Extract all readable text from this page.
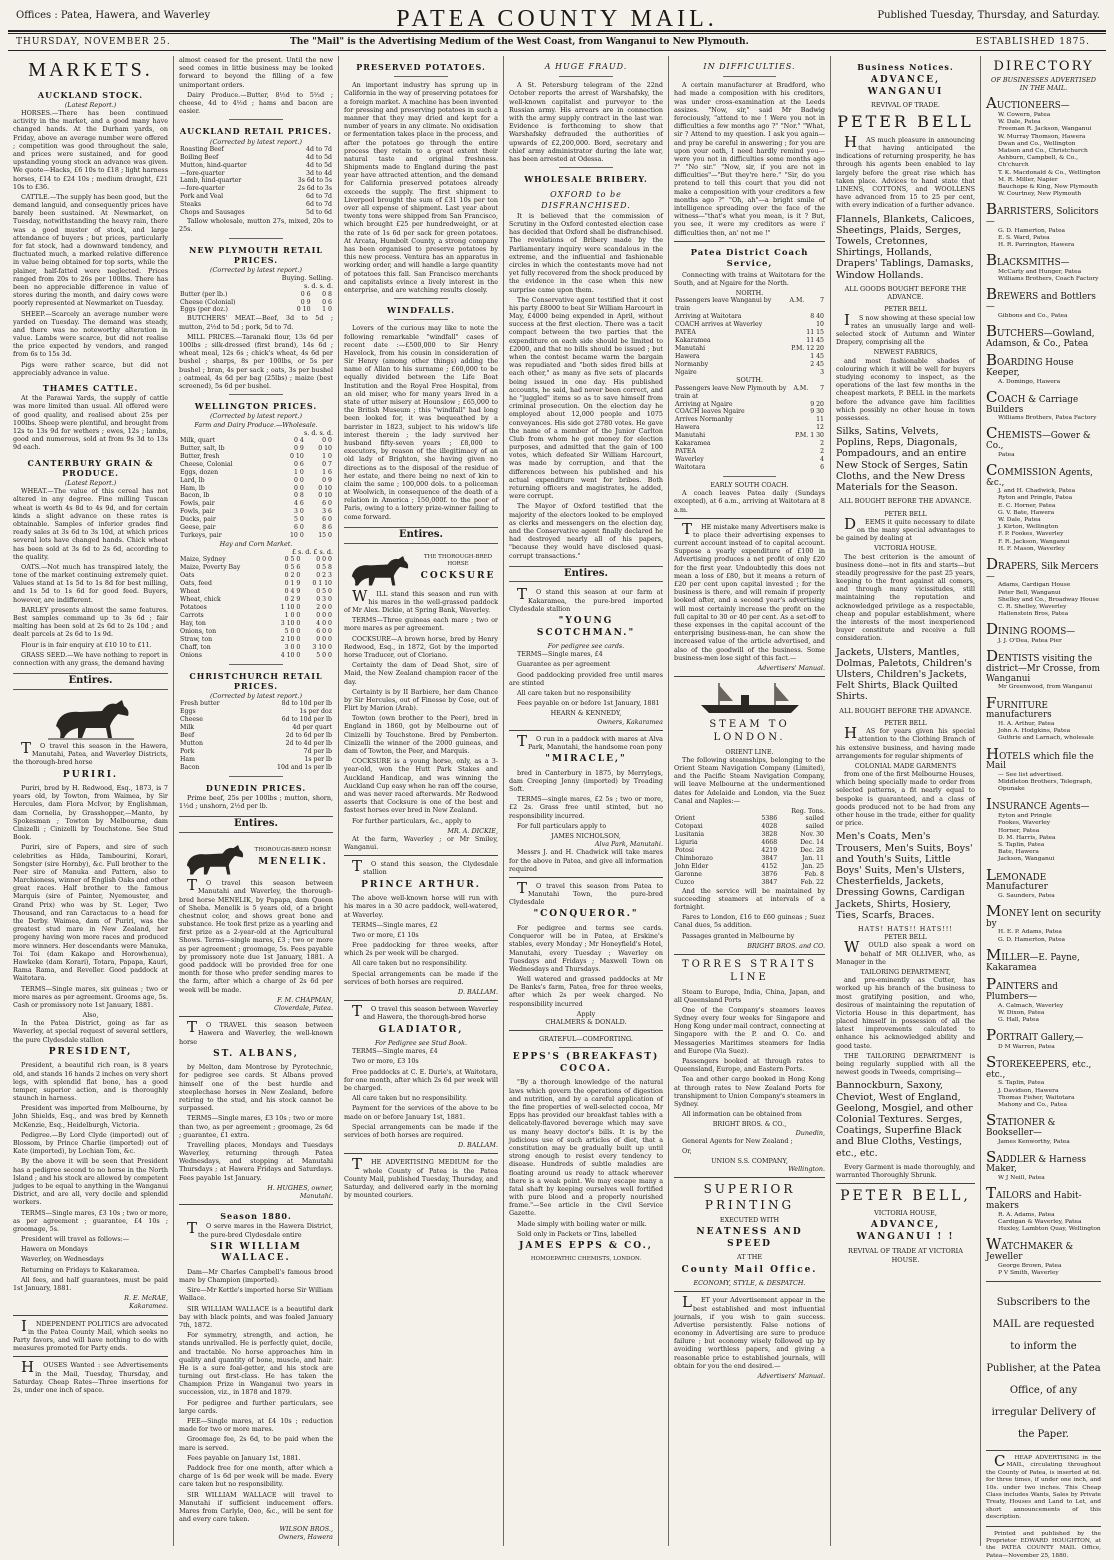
Offices : Patea, Hawera, and Waverley	PATEA COUNTY MAIL.	Published Tuesday, Thursday, and Saturday.
THURSDAY, NOVEMBER 25.	The "Mail" is the Advertising Medium of the West Coast, from Wanganui to New Plymouth.	ESTABLISHED 1875.
MARKETS.
AUCKLAND STOCK.
(Latest Report.)

HORSES.—There has been continued activity in the market, and a good many have changed hands. At the Durham yards, on Friday, above an average number were offered ; competition was good throughout the sale, and prices were sustained, and for good upstanding young stock an advance was given. We quote—Hacks, £6 10s to £18 ; light harness horses, £14 to £24 10s ; medium draught, £21 10s to £36.

CATTLE.—The supply has been good, but the demand languid, and consequently prices have barely been sustained. At Newmarket, on Tuesday, notwithstanding the heavy rain, there was a good muster of stock, and large attendance of buyers ; but prices, particularly for fat stock, had a downward tendency, and fluctuated much, a marked relative difference in value being obtained for top sorts, while the plainer, half-fatted were neglected. Prices ranged from 20s to 26s per 100lbs. There has been no appreciable difference in value of stores during the month, and dairy cows were poorly represented at Newmarket on Tuesday.

SHEEP.—Scarcely an average number were yarded on Tuesday. The demand was steady, and there was no noteworthy alteration in value. Lambs were scarce, but did not realise the price expected by vendors, and ranged from 6s to 15s 3d.

Pigs were rather scarce, but did not appreciably advance in value.

THAMES CATTLE.

At the Parawai Yards, the supply of cattle was more limited than usual. All offered were of good quality, and realised about 25s per 100lbs. Sheep were plentiful, and brought from 12s to 13s 9d for wethers ; ewes, 12s ; lambs, good and numerous, sold at from 9s 3d to 13s 9d each.

CANTERBURY GRAIN & PRODUCE.
(Latest Report.)

WHEAT.—The value of this cereal has not altered in any degree. Fine milling Tuscan wheat is worth 4s 8d to 4s 9d, and for certain kinds a slight advance on these rates is obtainable. Samples of inferior grades find ready sales at 3s 6d to 3s 10d, at which prices several lots have changed hands. Chick wheat has been sold at 3s 6d to 2s 6d, according to the quality.

OATS.—Not much has transpired lately, the tone of the market continuing extremely quiet. Values stand at 1s 5d to 1s 8d for best milling, and 1s 5d to 1s 6d for good feed. Buyers, however, are indifferent.

BARLEY presents almost the same features. Best samples command up to 3s 6d ; fair malting has been sold at 2s 6d to 2s 10d ; and dealt parcels at 2s 6d to 1s 9d.

Flour is in fair enquiry at £10 10 to £11.

GRASS SEED.—We have nothing to report in connection with any grass, the demand having

Entires.

TO travel this season in the Hawera, Manutahi, Patea, and Waverley Districts, the thorough-bred horse

PURIRI.

Puriri, bred by H. Redwood, Esq., 1873, is 7 years old, by Towton, from Waimea, by Sir Hercules, dam Flora McIvor, by Englishman, dam Cornelia, by Grasshopper,—Manto, by Spokesman ; Towton by Melbourne, dam Cinizelli ; Cinizelli by Touchstone. See Stud Book.

Puriri, sire of Papers, and sire of such celebrities as Hilda, Tambourini, Korari, Songster (sire Hornby), &c. Full brother to the Peer sire of Manuka and Pattern, also to Marchioness, winner of English Oaks and other great races. Half brother to the famous Marquis (sire of Painter, Nyemouster, and Grand Prix) who was by St. Leger, Two Thousand, and ran Caractacus to a head for the Derby. Waimea, dam of Puriri, was the greatest stud mare in New Zealand, her progeny having won more races and produced more winners. Her descendants were Manuka, Toi Toi (dam Kakapo and Horowhenua), Hawkeke (dam Korari), Totara, Papapa, Kauri, Rama Rama, and Reveller. Good paddock at Waitotara.

TERMS—Single mares, six guineas ; two or more mares as per agreement. Grooms age, 5s. Cash or promissory note 1st January, 1881.

Also,

In the Patea District, going as far as Waverley, at special request of several settlers, the pure Clydesdale stallion

PRESIDENT,

President, a beautiful rich roan, is 8 years old, and stands 16 hands 2 inches on very short legs, with splendid flat bone, has a good temper, superior action, and is thoroughly staunch in harness.

President was imported from Melbourne, by John Shields, Esq., and was bred by Kenneth McKenzie, Esq., Heidelburgh, Victoria.

Pedigree.—By Lord Clyde (imported) out of Blossom, by Prince Charlie (imported) out of Kate (imported), by Lochian Tom, &c.

By the above it will be seen that President has a pedigree second to no horse in the North Island ; and his stock are allowed by competent judges to be equal to anything in the Wanganui District, and are all, very docile and splendid workers.

TERMS—Single mares, £3 10s ; two or more, as per agreement ; guarantee, £4 10s ; groomage, 5s.

President will travel as follows:—

Hawera on Mondays

Waverley, on Wednesdays

Returning on Fridays to Kakaramea.

All fees, and half guarantees, must be paid 1st January, 1881.

R. E. McRAE,
Kakaramea.

INDEPENDENT POLITICS are advocated in the Patea County Mail, which seeks no Party favors, and will have nothing to do with measures promoted for Party ends.

HOUSES Wanted : see Advertisements in the Mail, Tuesday, Thursday, and Saturday. Cheap Rates—Three insertions for 2s, under one inch of space.

almost ceased for the present. Until the new seed comes in little business may be looked forward to beyond the filling of a few unimportant orders.

Dairy Produce.—Butter, 8½d to 5½d ; cheese, 4d to 4½d ; hams and bacon are easier.

AUCKLAND RETAIL PRICES.
(Corrected by latest report.)
Roasting Beef	4d to 7d
Boiling Beef	4d to 5d
Mutton, hind-quarter	4d to 5d
—fore-quarter	3d to 4d
Lamb, hind-quarter	3s 6d to 5s
—fore-quarter	2s 6d to 3s
Pork and Veal	6d to 7d
Steaks	6d to 7d
Chops and Sausages	5d to 6d

Tallow wholesale, mutton 27s, mixed, 20s to 25s.

NEW PLYMOUTH RETAIL PRICES.
(Corrected by latest report.)
Buying. Selling.
s. d. s. d.
Butter (per lb.)	0 6	0 8
Cheese (Colonial)	0 9	0 6
Eggs (per doz.)	0 10	1 0

BUTCHERS' MEAT.—Beef, 3d to 5d ; mutton, 2½d to 5d ; pork, 5d to 7d.

MILL PRICES.—Taranaki flour, 13s 6d per 100lbs ; silk-dressed (first brand), 14s 6d ; wheat meal, 12s 6s ; chick's wheat, 4s 6d per bushel ; sharps, 8s per 100lbs, or 5s per bushel ; bran, 4s per sack ; oats, 3s per bushel ; oatmeal, 4s 6d per bag (25lbs) ; maize (best screened), 5s 6d per bushel.

WELLINGTON PRICES.
(Corrected by latest report.)
Farm and Dairy Produce.—Wholesale.
s. d. s. d.
Milk, quart	0 4	0 0
Butter, salt, lb	0 9	0 10
Butter, fresh	0 10	1 0
Cheese, Colonial	0 6	0 7
Eggs, dozen	1 0	1 6
Lard, lb	0 0	0 9
Ham, lb	0 0	0 10
Bacon, lb	0 8	0 10
Fowls, pair	4 6	6 0
Fowls, pair	3 0	3 6
Ducks, pair	5 0	6 0
Geese, pair	6 0	8 6
Turkeys, pair	10 0	15 0
Hay and Corn Market.
£ s. d. £ s. d.
Maize, Sydney	0 5 0	0 0 0
Maize, Poverty Bay	0 5 6	0 5 8
Oats	0 2 0	0 2 3
Oats, feed	0 1 9	0 1 10
Wheat	0 4 9	0 5 0
Wheat, chick	0 2 9	0 3 0
Potatoes	1 10 0	2 0 0
Carrots	1 0 0	0 0 0
Hay, ton	3 10 0	4 0 0
Onions, ton	5 0 0	6 0 0
Straw, ton	2 10 0	0 0 0
Chaff, ton	3 0 0	3 10 0
Onions	4 10 0	5 0 0
CHRISTCHURCH RETAIL PRICES.
(Corrected by latest report.)
Fresh butter	8d to 10d per lb
Eggs	1s per doz
Cheese	6d to 10d per lb
Milk	4d per quart
Beef	2d to 6d per lb
Mutton	2d to 4d per lb
Pork	7d per lb
Ham	1s per lb
Bacon	10d and 1s per lb
DUNEDIN PRICES.

Prime beef, 25s per 100lbs ; mutton, shorn, 1½d ; unshorn, 2½d per lb.

Entires.
THOROUGH-BRED HORSE
MENELIK.

TO travel this season between Manutahi and Waverley, the thorough-bred horse MENELIK, by Papapa, dam Queen of Sheba. Menelik is 5 years old, of a bright chestnut color, and shows great bone and substance. He took first prize as a yearling and first prize as a 2-year-old at the Agricultural Shows. Terms—single mares, £3 ; two or more as per agreement ; groomage, 5s. Fees payable by promissory note due 1st January, 1881. A good paddock will be provided free for one month for those who prefer sending mares to the farm, after which a charge of 2s 6d per week will be made.

F. M. CHAPMAN,
Cloverdale, Patea.

TO TRAVEL this season between Hawera and Waverley, the well-known horse

ST. ALBANS,

by Melton, dam Montrose by Pyrotechnic, for pedigree see cards. St Albans proved himself one of the best hurdle and steeplechase horses in New Zealand, before retiring to the stud, and his stock cannot be surpassed.

TERMS—Single mares, £3 10s ; two or more than two, as per agreement ; groomage, 2s 6d ; guarantee, £1 extra.

Travelling places, Mondays and Tuesdays Waverley, returning through Patea Wednesdays, and stopping at Manutahi Thursdays ; at Hawera Fridays and Saturdays. Fees payable 1st January.

H. HUGHES, owner,
Manutahi.
Season 1880.

TO serve mares in the Hawera District, the pure-bred Clydesdale entire

SIR WILLIAM WALLACE.

Dam—Mr Charles Campbell's famous brood mare by Champion (imported).

Sire—Mr Kettle's imported horse Sir William Wallace.

SIR WILLIAM WALLACE is a beautiful dark bay with black points, and was foaled January 7th, 1872.

For symmetry, strength, and action, he stands unrivalled. He is perfectly quiet, docile, and tractable. No horse approaches him in quality and quantity of bone, muscle, and hair. He is a sure foal-getter, and his stock are turning out first-class. He has taken the Champion Prize in Wanganui two years in succession, viz., in 1878 and 1879.

For pedigree and further particulars, see large cards.

FEE—Single mares, at £4 10s ; reduction made for two or more mares.

Groomage fee, 2s 6d, to be paid when the mare is served.

Fees payable on January 1st, 1881.

Paddock free for one month, after which a charge of 1s 6d per week will be made. Every care taken but no responsibility.

SIR WILLIAM WALLACE will travel to Manutahi if sufficient inducement offers. Mares from Carlyle, Oeo, &c., will be sent for and every care taken.

WILSON BROS.,
Owners, Hawera
PRESERVED POTATOES.

An important industry has sprung up in California in the way of preserving potatoes for a foreign market. A machine has been invented for pressing and preserving potatoes in such a manner that they may dried and kept for a number of years in any climate. No oxidisation or fermentation takes place in the process, and after the potatoes go through the entire process they retain to a great extent their natural taste and original freshness. Shipments made to England during the past year have attracted attention, and the demand for California preserved potatoes already exceeds the supply. The first shipment to Liverpool brought the sum of £31 10s per ton over all expense of shipment. Last year about twenty tons were shipped from San Francisco, which brought £25 per hundredweight, or at the rate of 1s 6d per sack for green potatoes. At Arcata, Humbolt County, a strong company has been organised to preserve potatoes by this new process. Ventura has an apparatus in working order, and will handle a large quantity of potatoes this fall. San Francisco merchants and capitalists evince a lively interest in the enterprise, and are watching results closely.

WINDFALLS.

Lovers of the curious may like to note the following remarkable "windfall" cases of recent date :—£500,000 to Sir Henry Havelock, from his cousin in consideration of Sir Henry (among other things) adding the name of Allan to his surname ; £60,000 to be equally divided between the Life Boat Institution and the Royal Free Hospital, from an old miser, who for many years lived in a state of utter misery at Hounslow ; £65,000 to the British Museum ; this "windfall" had long been looked for, it was bequeathed by a barrister in 1823, subject to his widow's life interest therein ; the lady survived her husband fifty-seven years ; £8,000 to executors, by reason of the illegitimacy of an old lady of Brighton, she having given no directions as to the disposal of the residue of her estate, and there being no next of kin to claim the same ; 100,000 dols. to a policeman at Woolwich, in consequence of the death of a relation in America ; 150,000f. to the poor of Paris, owing to a lottery prize-winner failing to come forward.

Entires.
THE THOROUGH-BRED HORSE
COCKSURE

WILL stand this season and run with his mares in the well-grassed paddock of Mr Alex. Dickie, at Spring Bank, Waverley.

TERMS—Three guineas each mare ; two or more mares as per agreement.

COCKSURE—A brown horse, bred by Henry Redwood, Esq., in 1872, Got by the imported horse Traducer, out of Cloriano.

Certainty the dam of Dead Shot, sire of Maid, the New Zealand champion racer of the day.

Certainty is by II Barbiere, her dam Chance by Sir Hercules, out of Finesse by Cose, out of Flirt by Marion (Arab).

Towton (own brother to the Peer), bred in England in 1860, got by Melbourne out of Cinizelli by Touchstone. Bred by Pemberton. Cinizelli the winner of the 2000 guineas, and dam of Towton, the Peer, and Marquis.

COCKSURE is a young horse, only, as a 3-year-old, won the Hutt Park Stakes and Auckland Handicap, and was winning the Auckland Cup easy when he ran off the course, and was never raced afterwards. Mr Redwood asserts that Cocksure is one of the best and fastest horses ever bred in New Zealand.

For further particulars, &c., apply to

MR. A. DICKIE,

At the farm, Waverley ; or Mr Smiley, Wanganui.

TO stand this season, the Clydesdale stallion

PRINCE ARTHUR.

The above well-known horse will run with his mares in a 30 acre paddock, well-watered, at Waverley.

TERMS—Single mares, £2

Two or more, £1 10s

Free paddocking for three weeks, after which 2s per week will be charged.

All care taken but no responsibility.

Special arrangements can be made if the services of both horses are required.

D. BALLAM.

TO travel this season between Waverley and Hawera, the thorough-bred horse

GLADIATOR,
For Pedigree see Stud Book.

TERMS—Single mares, £4

Two or more, £3 10s

Free paddocks at C. E. Durie's, at Waitotara, for one month, after which 2s 6d per week will be charged.

All care taken but no responsibility.

Payment for the services of the above to be made on or before January 1st, 1881.

Special arrangements can be made if the services of both horses are required.

D. BALLAM.

THE ADVERTISING MEDIUM for the whole County of Patea is the Patea County Mail, published Tuesday, Thursday, and Saturday, and delivered early in the morning by mounted couriers.

A HUGE FRAUD.

A St. Petersburg telegram of the 22nd October reports the arrest of Warshafsky, the well-known capitalist and purveyor to the Russian army. His arrears are in connection with the army supply contract in the last war. Evidence is forthcoming to show that Warshafsky defrauded the authorities of upwards of £2,200,000. Bord, secretary and chief army administrator during the late war, has been arrested at Odessa.

WHOLESALE BRIBERY.
OXFORD to be DISFRANCHISED.

It is believed that the commission of Scrutiny in the Oxford contested election case has decided that Oxford shall be disfranchised. The revelations of Bribery made by the Parliamentary inquiry were scandalous in the extreme, and the influential and fashionable circles in which the contestants move had not yet fully recovered from the shock produced by the evidence in the case when this new surprise came upon them.

The Conservative agent testified that it cost his party £8000 to beat Sir William Harcourt in May, £4000 being expended in April, without success at the first election. There was a tacit compact between the two parties that the expenditure on each side should be limited to £2000, and that no bills should be issued ; but when the contest became warm the bargain was repudiated and "both sides fired bills at each other," as many as five sets of placards being issued in one day. His published accounts, he said, had never been correct, and he "juggled" items so as to save himself from criminal prosecution. On the election day he employed about 12,000 people and 1075 conveyances. His side got 2780 votes. He gave the name of a member of the Junior Carlton Club from whom he got money for election purposes, and admitted that the gain of 100 votes, which defeated Sir William Harcourt, was made by corruption, and that the differences between his published and his actual expenditure went for bribes. Both returning officers and magistrates, he added, were corrupt.

The Mayor of Oxford testified that the majority of the electors looked to be employed as clerks and messengers on the election day, and the Conservative agent finally declared he had destroyed nearly all of his papers, "because they would have disclosed quasi-corrupt transactions."

Entires.

TO stand this season at our farm at Kakaramea, the pure-bred imported Clydesdale stallion

"YOUNG SCOTCHMAN."
For pedigree see cards.

TERMS—Single mares, £4

Guarantee as per agreement

Good paddocking provided free until mares are stinted

All care taken but no responsibility

Fees payable on or before 1st January, 1881

HEARN & KENNEDY,
Owners, Kakaramea

TO run in a paddock with mares at Alva Park, Manutahi, the handsome roan pony

"MIRACLE,"

bred in Canterbury in 1875, by Merrylegs, dam Creeping Jenny (imported) by Treading Soft.

TERMS—single mares, £2 5s ; two or more, £2 2s. Grass free until stinted, but no responsibility incurred.

For full particulars apply to

JAMES NICHOLSON,
Alva Park, Manutahi.

Messrs J. and H. Chadwick will take mares for the above in Patea, and give all information required

TO travel this season from Patea to Manutahi Town, the pure-bred Clydesdale

"CONQUEROR."

For pedigree and terms see cards. Conqueror will be in Patea, at Erskine's stables, every Monday ; Mr Honeyfield's Hotel, Manutahi, every Tuesday ; Waverley on Tuesdays and Fridays ; Maxwell Town on Wednesdays and Thursdays.

Well watered and grassed paddocks at Mr De Banks's farm, Patea, free for three weeks, after which 2s per week charged. No responsibility incurred

Apply
CHALMERS & DONALD.
GRATEFUL—COMFORTING.
EPPS'S (BREAKFAST) COCOA.

"By a thorough knowledge of the natural laws which govern the operations of digestion and nutrition, and by a careful application of the fine properties of well-selected cocoa, Mr Epps has provided our breakfast tables with a delicately-flavored beverage which may save us many heavy doctor's bills. It is by the judicious use of such articles of diet, that a constitution may be gradually built up until strong enough to resist every tendency to disease. Hundreds of subtle maladies are floating around us ready to attack wherever there is a weak point. We may escape many a fatal shaft by keeping ourselves well fortified with pure blood and a properly nourished frame."—See article in the Civil Service Gazette.

Made simply with boiling water or milk.

Sold only in Packets or Tins, labelled

JAMES EPPS & CO.,
HOMOEPATHIC CHEMISTS, LONDON.
IN DIFFICULTIES.

A certain manufacturer at Bradford, who had made a composition with his creditors, was under cross-examination at the Leeds assizes. "Now, sir," said Mr Badwig ferociously, "attend to me ! Were you not in difficulties a few months ago ?" "Nor." "What, sir ? Attend to my question. I ask you again—and pray be careful in answering ; for you are upon your oath, I need hardly remind you—were you not in difficulties some months ago ?" "No sir." "Now, sir, if you are not in difficulties"—"But they're here." "Sir, do you pretend to tell this court that you did not make a composition with your creditors a few months ago ?" "Oh, ah"—a bright smile of intelligence spreading over the face of the witness—"that's what you mean, is it ? But, you see, it were my creditors as were i' difficulties then, an' not me !"

Patea District Coach Service,

Connecting with trains at Waitotara for the South, and at Ngaire for the North.

NORTH.
Passengers leave Wanganui by train	A.M.	7
Arriving at Waitotara		8 40
COACH arrives at Waverley		10
PATEA		11 15
Kakaramea		11 45
Manutahi	P.M.	12 20
Hawera		1 45
Normanby		2 45
Ngaire		3
SOUTH.
Passengers leave New Plymouth by train at	A.M.	7
Arriving at Ngaire		9 20
COACH leaves Ngaire		9 30
Arrives Normanby		11
Hawera		12
Manutahi	P.M.	1 30
Kakaramea		2
PATEA		2
Waverley		4
Waitotara		6
EARLY SOUTH COACH.

A coach leaves Patea daily (Sundays excepted), at 6 a.m., arriving at Waitotara at 8 a.m.

THE mistake many Advertisers make is to place their advertising expenses to current account instead of to capital account. Suppose a yearly expenditure of £100 in Advertising produces a net profit of only £20 for the first year. Undoubtedly this does not mean a loss of £80, but it means a return of £20 per cent upon capital invested ; for the business is there, and will remain if properly looked after, and a second year's advertising will most certainly increase the profit on the full capital to 30 or 40 per cent. As a set-off to these expenses in the capital account of the enterprising business-man, he can show the increased value of the article advertised, and also of the goodwill of the business. Some business-men lose sight of this fact.—

Advertisers' Manual.
STEAM TO LONDON.
ORIENT LINE.

The following steamships, belonging to the Orient Steam Navigation Company (Limited), and the Pacific Steam Navigation Company, will leave Melbourne at the undermentioned dates for Adelaide and London, via the Suez Canal and Naples:—

Reg. Tons.
Orient	5386	sailed
Cotopaxi	4028	sailed
Lusitania	3828	Nov. 30
Liguria	4668	Dec. 14
Potosi	4219	Dec. 28
Chimborazo	3847	Jan. 11
John Elder	4152	Jan. 25
Garonne	3876	Feb. 8
Cuzco	3847	Feb. 22

And the service will be maintained by succeeding steamers at intervals of a fortnight.

Fares to London, £16 to £60 guineas ; Suez Canal dues, 5s addition.

Passages granted in Melbourne by

BRIGHT BROS. and CO.
TORRES STRAITS LINE

Steam to Europe, India, China, Japan, and all Queensland Ports

One of the Company's steamers leaves Sydney every four weeks for Singapore and Hong Kong under mail contract, connecting at Singapore with the P. and O. Co. and Messageries Maritimes steamers for India and Europe (Via Suez).

Passengers booked at through rates to Queensland, Europe, and Eastern Ports.

Tea and other cargo booked in Hong Kong at through rates to New Zealand Ports for transhipment to Union Company's steamers in Sydney.

All information can be obtained from

BRIGHT BROS. & CO.,
Dunedin,

General Agents for New Zealand ;

Or,

UNION S.S. COMPANY,
Wellington.
SUPERIOR PRINTING
EXECUTED WITH
NEATNESS AND SPEED
AT THE
County Mail Office.
ECONOMY, STYLE, & DESPATCH.

LET your Advertisement appear in the best established and most influential journals, if you wish to gain success. Advertise persistently. False notions of economy in Advertising are sure to produce failure ; but economy wisely followed up by avoiding worthless papers, and giving a reasonable price to established journals, will obtain for you the end desired.—

Advertisers' Manual.
Business Notices.
ADVANCE, WANGANUI
REVIVAL OF TRADE.
PETER BELL

HAS much pleasure in announcing that having anticipated the indications of returning prosperity, he has through his agents been enabled to lay largely before the great rise which has taken place. Advices to hand state that LINENS, COTTONS, and WOOLLENS have advanced from 15 to 25 per cent, with every indication of a further advance.

Flannels, Blankets, Calicoes, Sheetings, Plaids, Serges, Towels, Cretonnes, Shirtings, Hollands, Drapers' Tablings, Damasks, Window Hollands.
ALL GOODS BOUGHT BEFORE THE ADVANCE.
PETER BELL

IS now showing at these special low rates an unusually large and well-selected stock of Autumn and Winter Drapery, comprising all the

NEWEST FABRICS,

and most fashionable shades of colouring which it will be well for buyers studying economy to inspect, as the operations of the last few months in the cheapest markets, P. BELL in the markets before the advance gave him facilities which possibly no other house in town possesses.

Silks, Satins, Velvets, Poplins, Reps, Diagonals, Pompadours, and an entire New Stock of Serges, Satin Cloths, and the New Dress Materials for the Season.
ALL BOUGHT BEFORE THE ADVANCE.
PETER BELL

DEEMS it quite necessary to dilate on the many special advantages to be gained by dealing at

VICTORIA HOUSE.

The best criterion is the amount of business done—not in fits and starts—but steadily progressive for the past 25 years, keeping to the front against all comers, and through many vicissitudes, still maintaining the reputation and acknowledged privilege as a respectable, cheap and popular establishment, where the interests of the most inexperienced buyer constitute and receive a full consideration.

Jackets, Ulsters, Mantles, Dolmas, Paletots, Children's Ulsters, Children's Jackets, Felt Shirts, Black Quilted Shirts.
ALL BOUGHT BEFORE THE ADVANCE.
PETER BELL

HAS for years given his special attention to the Clothing Branch of his extensive business, and having made arrangements for regular shipments of

COLONIAL MADE GARMENTS

from one of the first Melbourne Houses, which being specially made to order from selected patterns, a fit nearly equal to bespoke is guaranteed, and a class of goods produced not to be had from any other house in the trade, either for quality or price.

Men's Coats, Men's Trousers, Men's Suits, Boys' and Youth's Suits, Little Boys' Suits, Men's Ulsters, Chesterfields, Jackets, Dressing Gowns, Cardigan Jackets, Shirts, Hosiery, Ties, Scarfs, Braces.
HATS! HATS!! HATS!!!
PETER BELL

WOULD also speak a word on behalf of MR OLLIVER, who, as Manager in the

TAILORING DEPARTMENT,

and pre-eminently as Cutter, has worked up his branch of the business to most gratifying position, and who, desirous of maintaining the reputation of Victoria House in this department, has placed himself in possession of all the latest improvements calculated to enhance his acknowledged ability and good taste.

THE TAILORING DEPARTMENT is being regularly supplied with all the newest goods in Tweeds, comprising—

Bannockburn, Saxony, Cheviot, West of England, Geelong, Mosgiel, and other Colonial Textures. Serges, Coatings, Superfine Black and Blue Cloths, Vestings, etc., etc.

Every Garment is made thoroughly, and warranted Thoroughly Shrunk.

PETER BELL,
VICTORIA HOUSE,
ADVANCE, WANGANUI ! !
REVIVAL OF TRADE AT VICTORIA HOUSE.
DIRECTORY
OF BUSINESSES ADVERTISED IN THE MAIL.
AUCTIONEERS—
W. Cowern, Patea
W. Dale, Patea
Freeman R. Jackson, Wanganui
W. Murray Thomson, Hawera
Dwan and Co., Wellington
Matson and Co., Christchurch
Ashburn, Campbell, & Co., Ch'church
T. K. Macdonald & Co., Wellington
M. R. Miller, Napier
Bauchope & King, New Plymouth
W. Courtney, New Plymouth
BARRISTERS, Solicitors—
G. D. Hamerton, Patea
E. S. Ward, Patea
H. R. Parrington, Hawera
BLACKSMITHS—
McCarty and Hunger, Patea
Williams Brothers, Coach Factory
BREWERS and Bottlers—
Gibbons and Co., Patea
BUTCHERS—Gowland, Adamson, & Co., Patea
BOARDING House Keeper,
A. Domingo, Hawera
COACH & Carriage Builders
Williams Brothers, Patea Factory
CHEMISTS—Gower & Co.,
Patea
COMMISSION Agents, &c.,
J. and H. Chadwick, Patea
Ryton and Pringle, Patea
E. C. Horner, Patea
G. V. Bate, Hawera
W. Dale, Patea
J. Kirton, Wellington
F. P. Fookes, Waverley
F. R. Jackson, Wanganui
H. F. Mason, Waverley
DRAPERS, Silk Mercers—
Adams, Cardigan House
Peter Bell, Wanganui
Shelley and Co., Broadway House
C. R. Shelley, Waverley
Hallenstein Bros, Patea
DINING ROOMS—
J. J. O'Dea, Patea Pier
DENTISTS visiting the district—Mr Crosse, from Wanganui
Mr Greenwood, from Wanganui
FURNITURE manufacturers
H. A. Arthur, Patea
John A. Hodgkins, Patea
Guthrie and Larnach, wholesale
HOTELS which file the Mail
— See list advertised.
Middleton Brothers, Telegraph, Opunake
INSURANCE Agents—
Eyton and Pringle
Fookes, Waverley
Horner, Patea
D. M. Harris, Patea
S. Taplin, Patea
Bate, Hawera
Jackson, Wanganui
LEMONADE Manufacturer
G. Saunders, Patea
MONEY lent on security by
H. E. P. Adams, Patea
G. D. Hamerton, Patea
MILLER—E. Payne, Kakaramea
PAINTERS and Plumbers—
A. Calmach, Waverley
W. Dixon, Patea
G. Hall, Patea
PORTRAIT Gallery,—
D M Warren, Patea
STOREKEEPERS, etc., etc.,
S. Taplin, Patea
J. Davidson, Hawera
Thomas Fisher, Waitotara
Mahony and Co., Patea
STATIONER & Bookseller—
James Kenworthy, Patea
SADDLER & Harness Maker,
W J Neill, Patea
TAILORS and Habit-makers
R. A. Adams, Patea
Cardigan & Waverley, Patea
Huxley, Lambton Quay, Wellington
WATCHMAKER & Jeweller
George Brown, Patea
P V Smith, Waverley
Subscribers to the MAIL are requested to inform the Publisher, at the Patea Office, of any irregular Delivery of the Paper.

CHEAP ADVERTISING in the MAIL, circulating throughout the County of Patea, is inserted at 6d. for three times, if under one inch, and 10s. under two inches. This Cheap Class includes Wants, Sales by Private Treaty, Houses and Land to Let, and short announcements of this description.

Printed and published by the Proprietor EDWARD HOUGHTON, at the PATEA COUNTY MAIL Office, Patea—November 25, 1880.
